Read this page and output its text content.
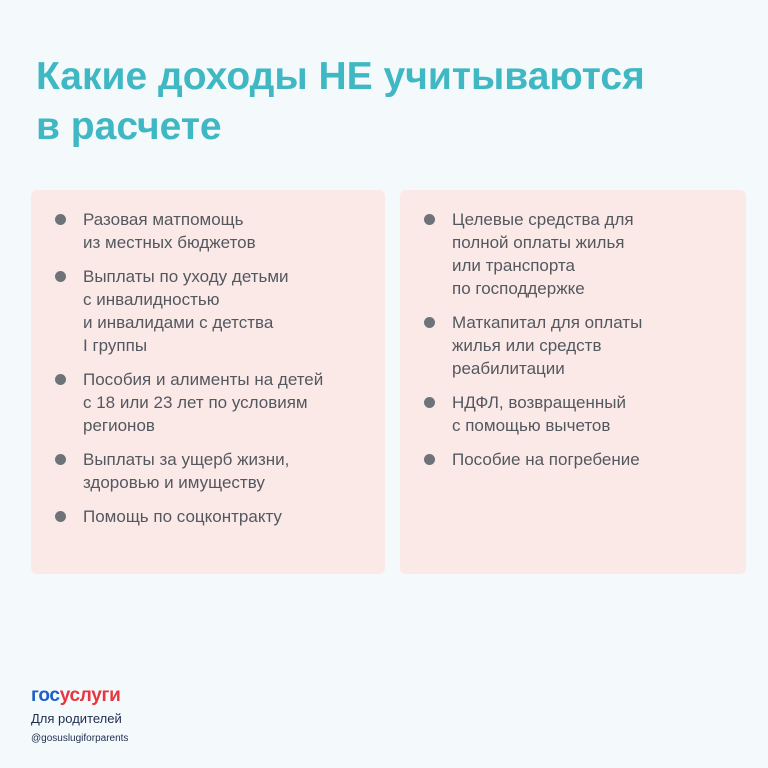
Какие доходы НЕ учитываются
в расчете
Разовая матпомощь
из местных бюджетов
Выплаты по уходу детьми
с инвалидностью
и инвалидами с детства
I группы
Пособия и алименты на детей
с 18 или 23 лет по условиям
регионов
Выплаты за ущерб жизни,
здоровью и имуществу
Помощь по соцконтракту
Целевые средства для
полной оплаты жилья
или транспорта
по господдержке
Маткапитал для оплаты
жилья или средств
реабилитации
НДФЛ, возвращенный
с помощью вычетов
Пособие на погребение
госуслуги
Для родителей
@gosuslugiforparents
